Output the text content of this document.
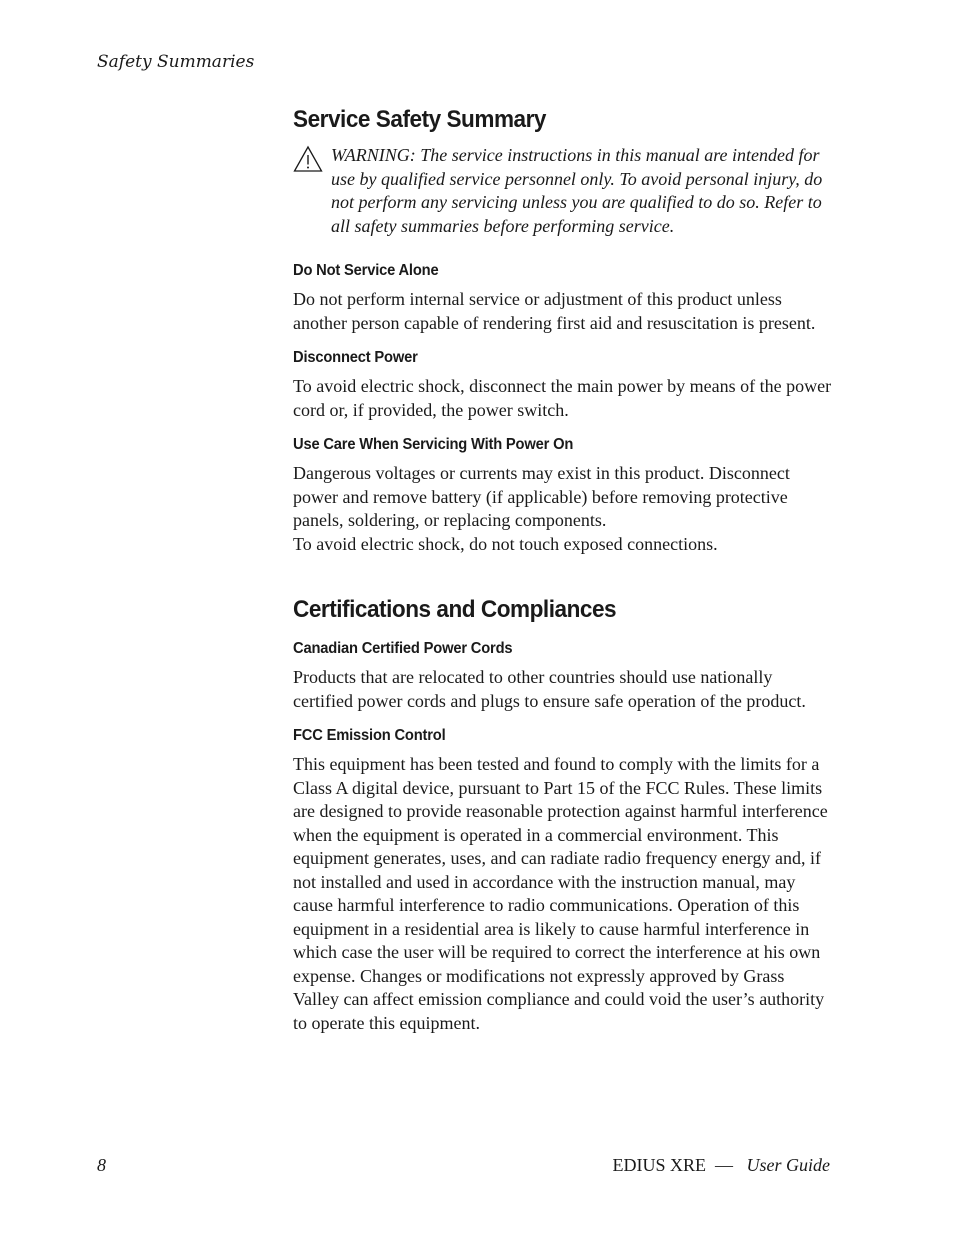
Safety Summaries
Service Safety Summary

WARNING: The service instructions in this manual are intended for use by qualified service personnel only. To avoid personal injury, do not perform any servicing unless you are qualified to do so. Refer to all safety summaries before performing service.

Do Not Service Alone

Do not perform internal service or adjustment of this product unless another person capable of rendering first aid and resuscitation is present.

Disconnect Power

To avoid electric shock, disconnect the main power by means of the power cord or, if provided, the power switch.

Use Care When Servicing With Power On

Dangerous voltages or currents may exist in this product. Disconnect power and remove battery (if applicable) before removing protective panels, soldering, or replacing components.

To avoid electric shock, do not touch exposed connections.

Certifications and Compliances
Canadian Certified Power Cords

Products that are relocated to other countries should use nationally certified power cords and plugs to ensure safe operation of the product.

FCC Emission Control

This equipment has been tested and found to comply with the limits for a Class A digital device, pursuant to Part 15 of the FCC Rules. These limits are designed to provide reasonable protection against harmful interference when the equipment is operated in a commercial environment. This equipment generates, uses, and can radiate radio frequency energy and, if not installed and used in accordance with the instruction manual, may cause harmful interference to radio communications. Operation of this equipment in a residential area is likely to cause harmful interference in which case the user will be required to correct the interference at his own expense. Changes or modifications not expressly approved by Grass Valley can affect emission compliance and could void the user’s authority to operate this equipment.

8	EDIUS XRE — User Guide
